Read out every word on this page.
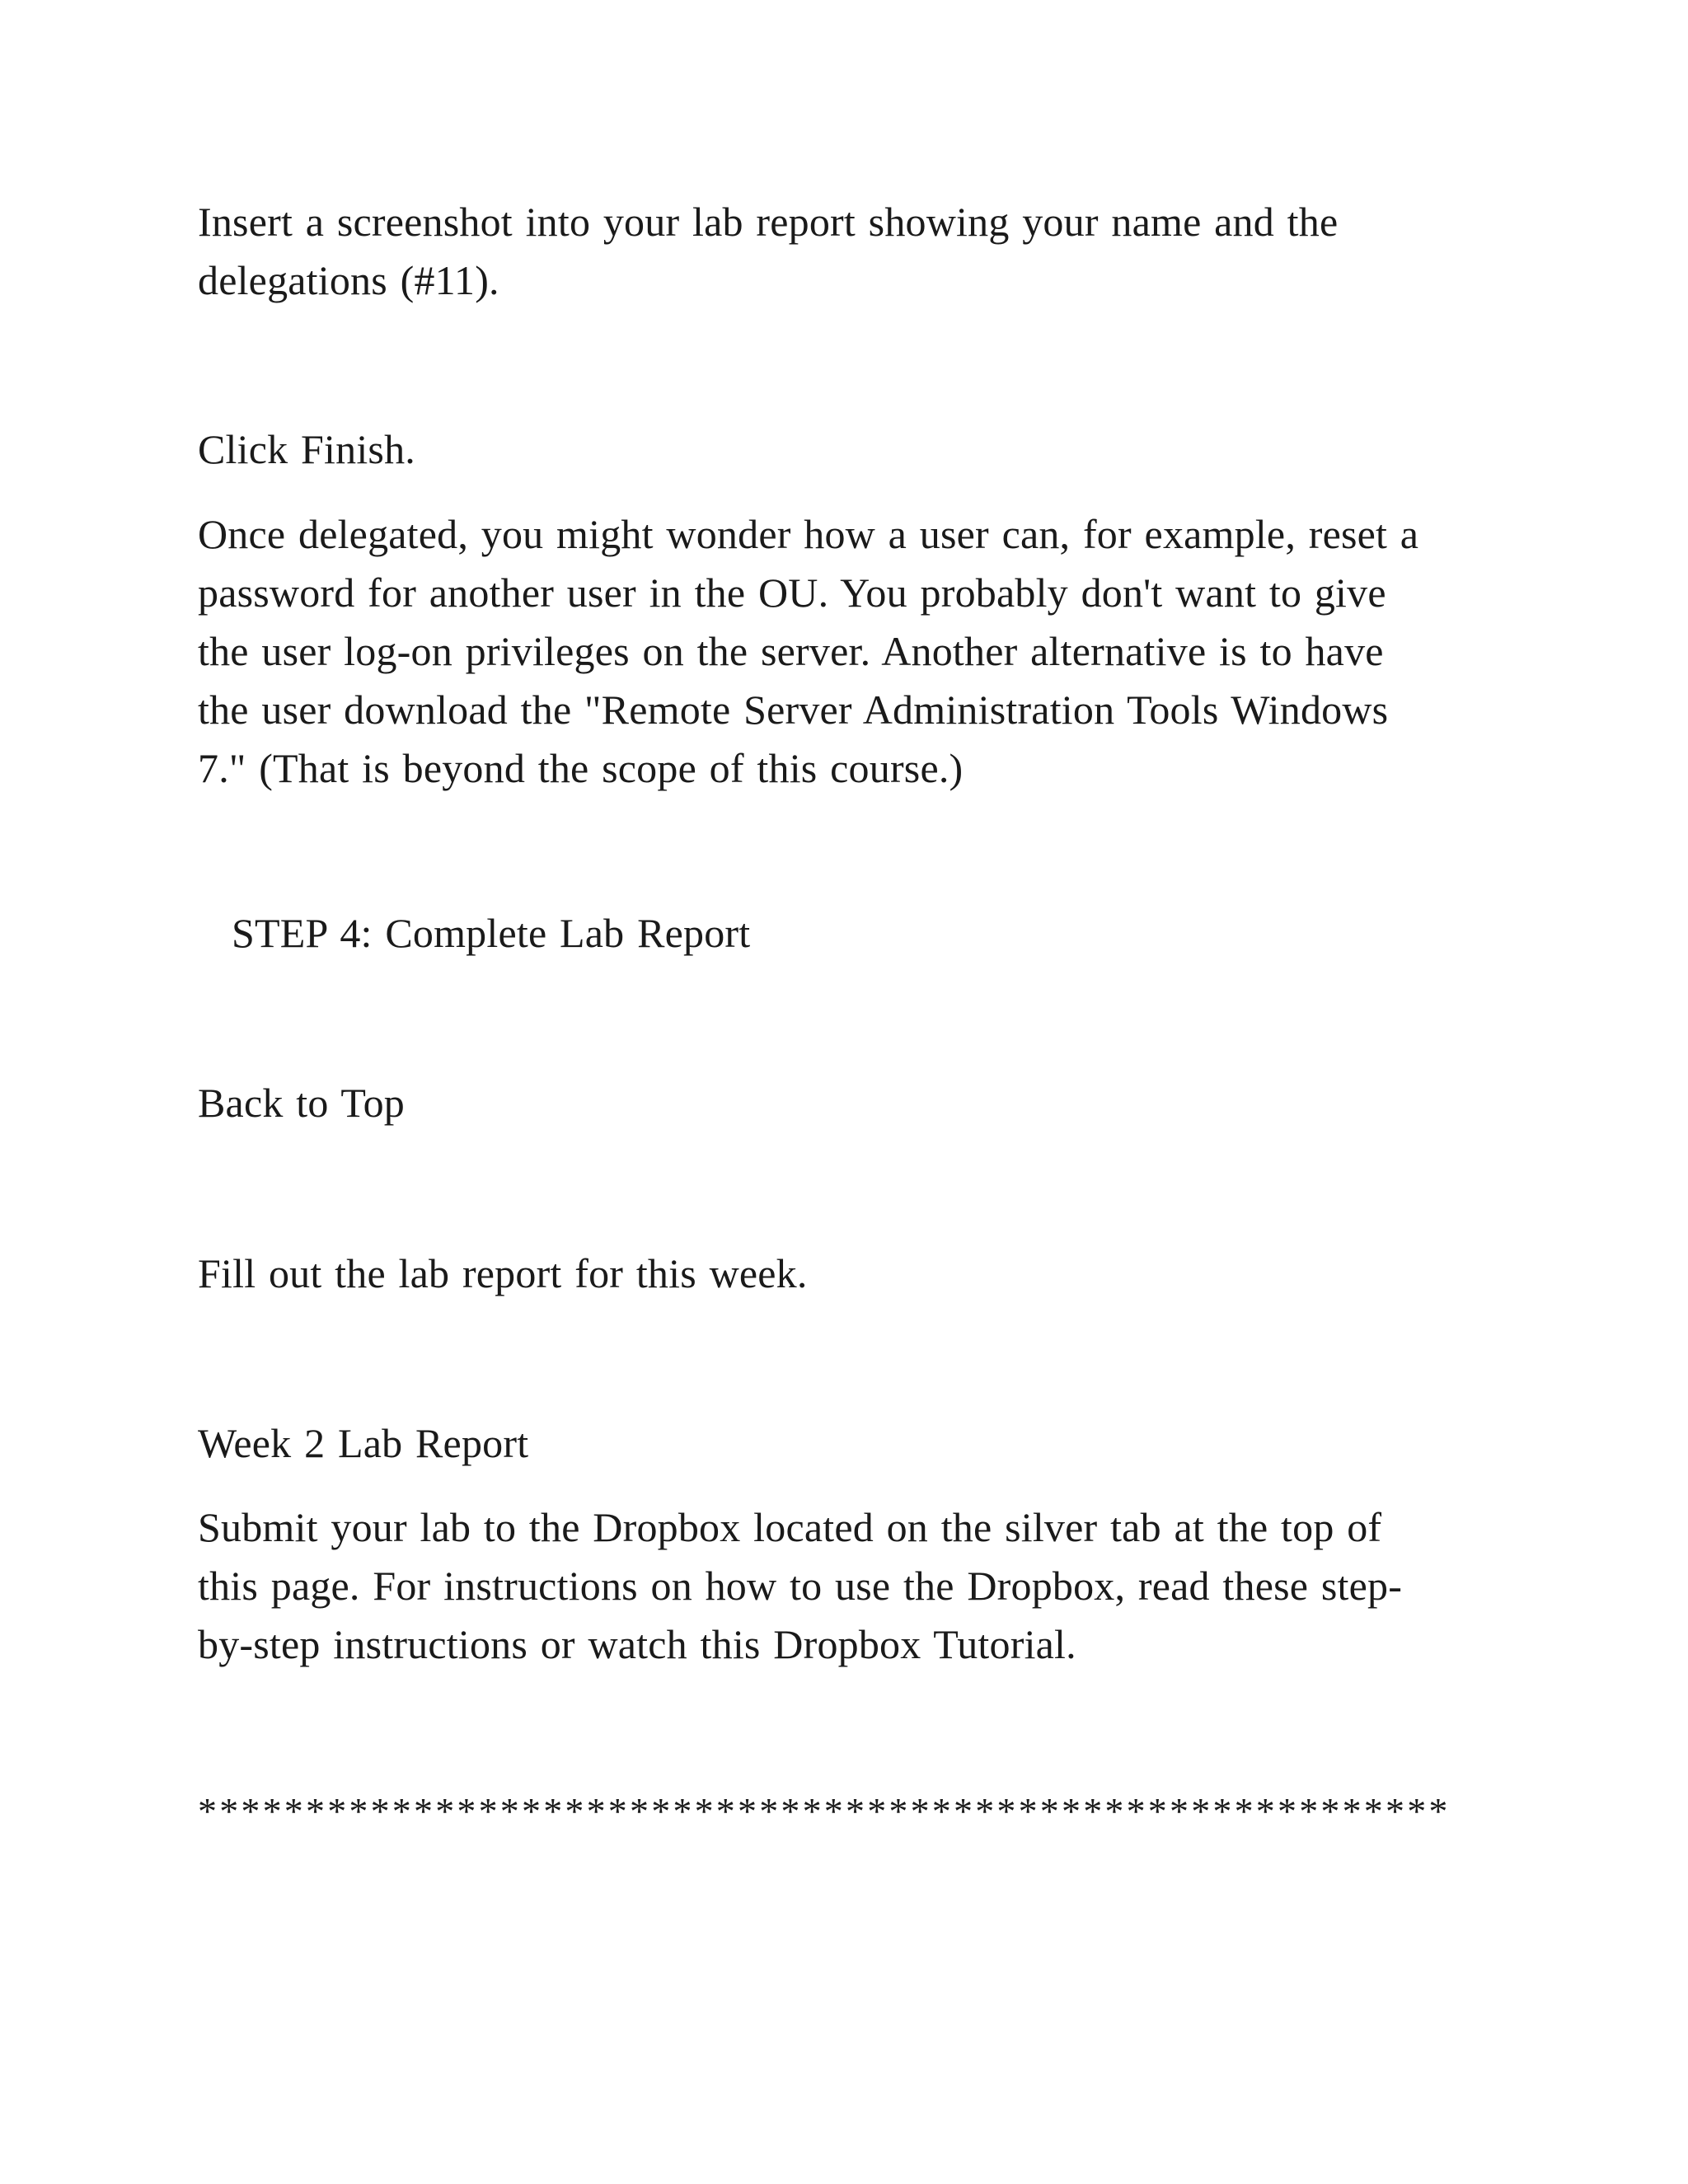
Insert a screenshot into your lab report showing your name and the
delegations (#11).

Click Finish.

Once delegated, you might wonder how a user can, for example, reset a
password for another user in the OU. You probably don't want to give
the user log-on privileges on the server. Another alternative is to have
the user download the "Remote Server Administration Tools Windows
7." (That is beyond the scope of this course.)

STEP 4: Complete Lab Report

Back to Top

Fill out the lab report for this week.

Week 2 Lab Report

Submit your lab to the Dropbox located on the silver tab at the top of
this page. For instructions on how to use the Dropbox, read these step-
by-step instructions or watch this Dropbox Tutorial.

**********************************************************
